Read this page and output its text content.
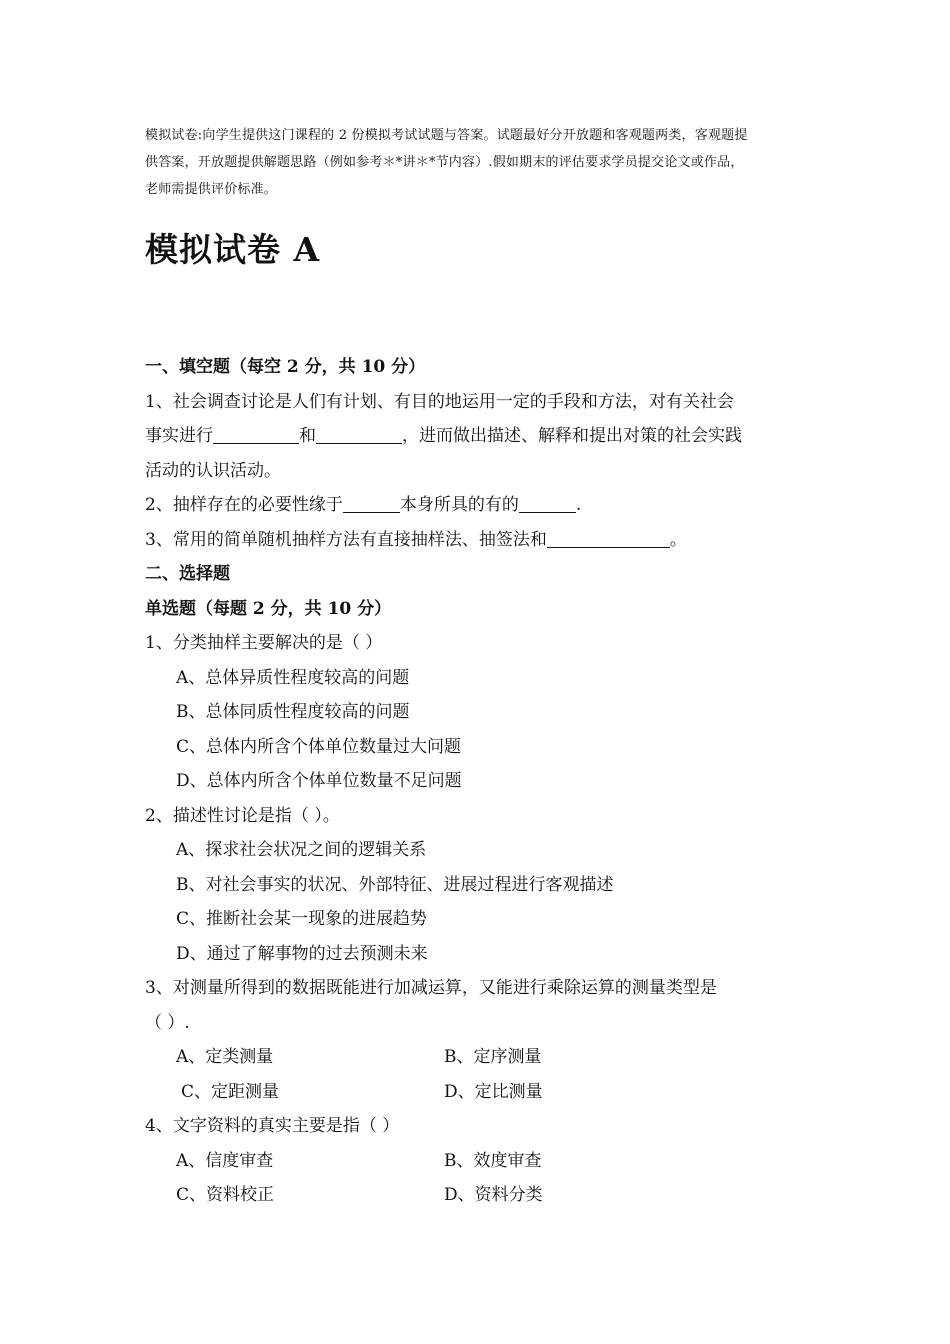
模拟试卷:向学生提供这门课程的 2 份模拟考试试题与答案。试题最好分开放题和客观题两类，客观题提
供答案，开放题提供解题思路（例如参考＊*讲＊*节内容）.假如期末的评估要求学员提交论文或作品，
老师需提供评价标准。
模拟试卷 A
一、填空题（每空 2 分，共 10 分）
1、社会调查讨论是人们有计划、有目的地运用一定的手段和方法，对有关社会
事实进行	和	，进而做出描述、解释和提出对策的社会实践
活动的认识活动。
2、抽样存在的必要性缘于	本身所具的有的	.
3、常用的简单随机抽样方法有直接抽样法、抽签法和	。
二、选择题
单选题（每题 2 分，共 10 分）
1、分类抽样主要解决的是（ ）
A、总体异质性程度较高的问题
B、总体同质性程度较高的问题
C、总体内所含个体单位数量过大问题
D、总体内所含个体单位数量不足问题
2、描述性讨论是指（ ）。
A、探求社会状况之间的逻辑关系
B、对社会事实的状况、外部特征、进展过程进行客观描述
C、推断社会某一现象的进展趋势
D、通过了解事物的过去预测未来
3、对测量所得到的数据既能进行加减运算，又能进行乘除运算的测量类型是
（ ）.
A、定类测量	B、定序测量
C、定距测量	D、定比测量
4、文字资料的真实主要是指（ ）
A、信度审查	B、效度审查
C、资料校正	D、资料分类
